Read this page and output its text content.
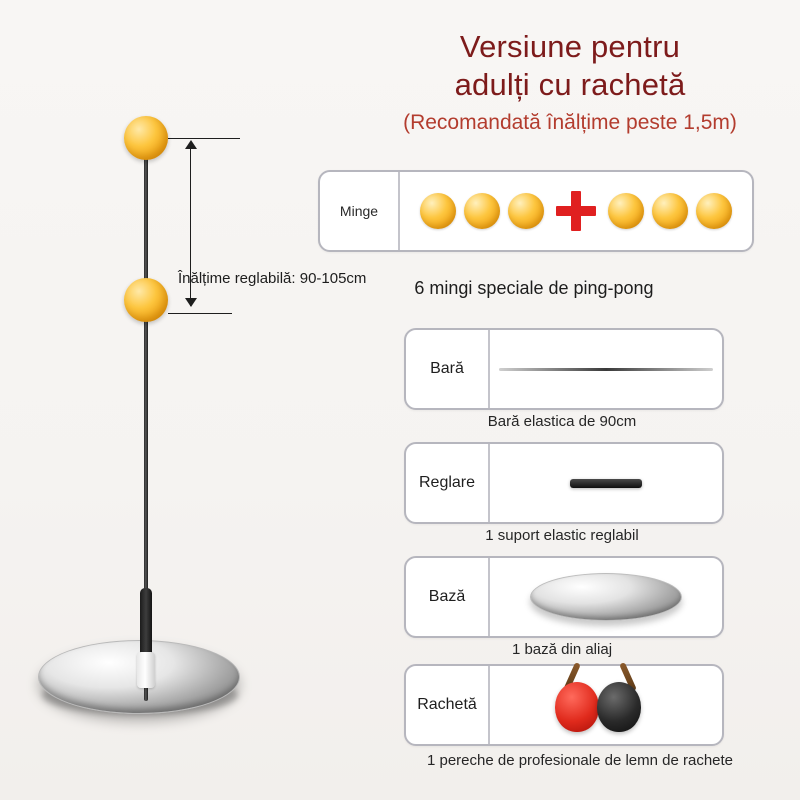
Versiune pentru
adulți cu rachetă
(Recomandată înălțime peste 1,5m)
Înălțime reglabilă: 90-105cm
Minge
6 mingi speciale de ping-pong
Bară
Bară elastica de 90cm
Reglare
1 suport elastic reglabil
Bază
1 bază din aliaj
Rachetă
1 pereche de profesionale de lemn de rachete
